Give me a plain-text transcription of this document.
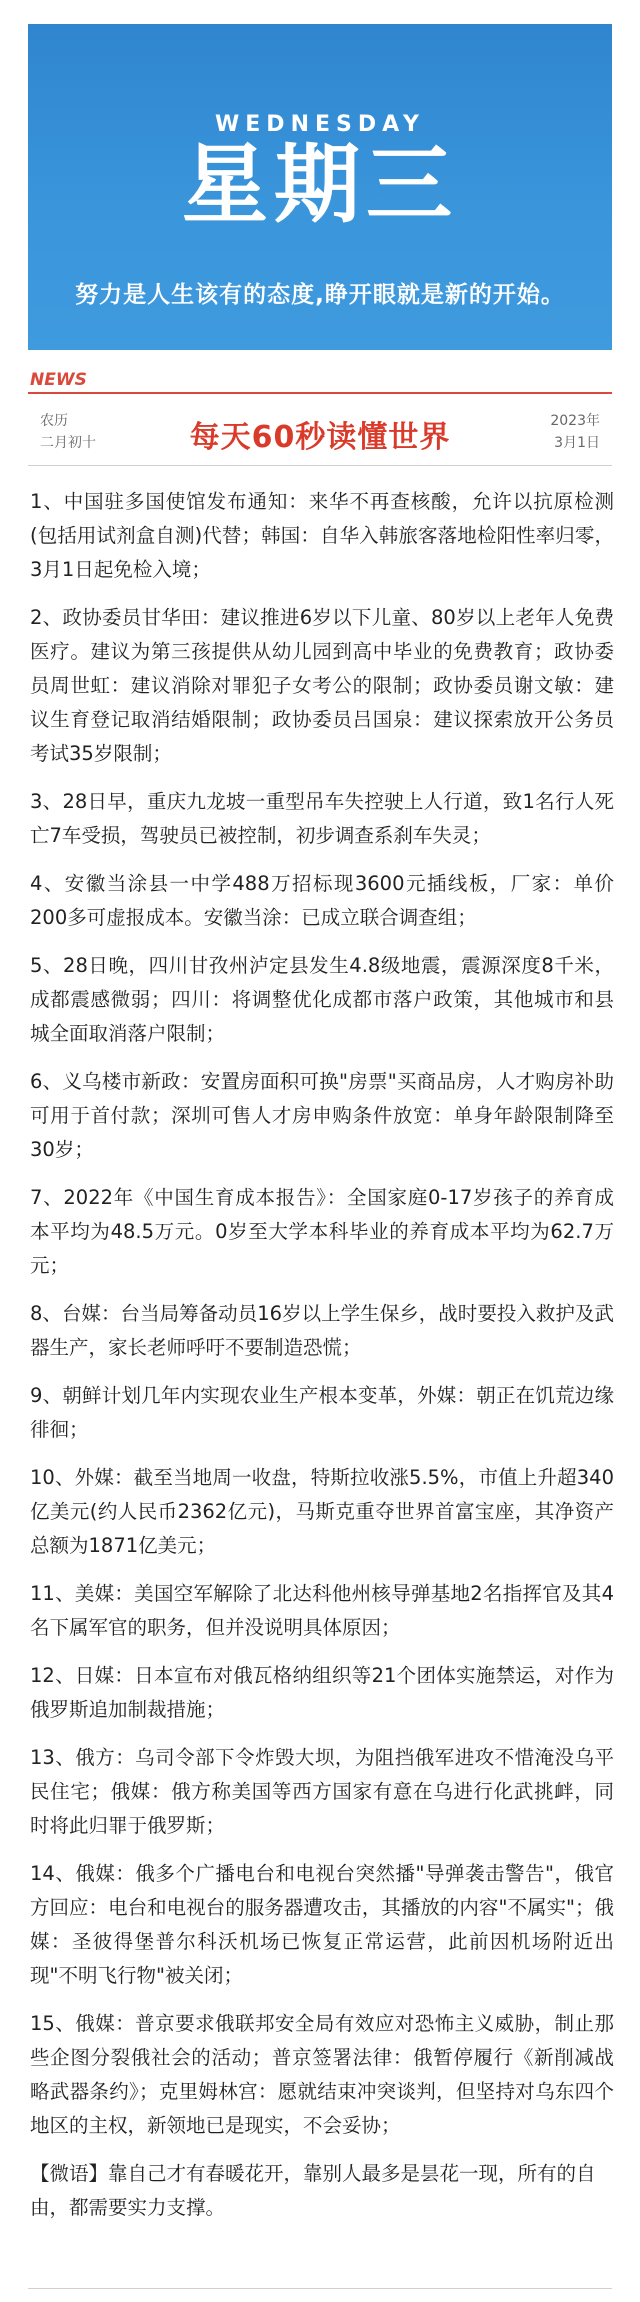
WEDNESDAY
星期三
努力是人生该有的态度,睁开眼就是新的开始。
NEWS
农历
二月初十	每天60秒读懂世界	2023年
3月1日

1、中国驻多国使馆发布通知：来华不再查核酸，允许以抗原检测(包括用试剂盒自测)代替；韩国：自华入韩旅客落地检阳性率归零，3月1日起免检入境；

2、政协委员甘华田：建议推进6岁以下儿童、80岁以上老年人免费医疗。建议为第三孩提供从幼儿园到高中毕业的免费教育；政协委员周世虹：建议消除对罪犯子女考公的限制；政协委员谢文敏：建议生育登记取消结婚限制；政协委员吕国泉：建议探索放开公务员考试35岁限制；

3、28日早，重庆九龙坡一重型吊车失控驶上人行道，致1名行人死亡7车受损，驾驶员已被控制，初步调查系刹车失灵；

4、安徽当涂县一中学488万招标现3600元插线板，厂家：单价200多可虚报成本。安徽当涂：已成立联合调查组；

5、28日晚，四川甘孜州泸定县发生4.8级地震，震源深度8千米，成都震感微弱；四川：将调整优化成都市落户政策，其他城市和县城全面取消落户限制；

6、义乌楼市新政：安置房面积可换"房票"买商品房，人才购房补助可用于首付款；深圳可售人才房申购条件放宽：单身年龄限制降至30岁；

7、2022年《中国生育成本报告》：全国家庭0-17岁孩子的养育成本平均为48.5万元。0岁至大学本科毕业的养育成本平均为62.7万元；

8、台媒：台当局筹备动员16岁以上学生保乡，战时要投入救护及武器生产，家长老师呼吁不要制造恐慌；

9、朝鲜计划几年内实现农业生产根本变革，外媒：朝正在饥荒边缘徘徊；

10、外媒：截至当地周一收盘，特斯拉收涨5.5%，市值上升超340亿美元(约人民币2362亿元)，马斯克重夺世界首富宝座，其净资产总额为1871亿美元；

11、美媒：美国空军解除了北达科他州核导弹基地2名指挥官及其4名下属军官的职务，但并没说明具体原因；

12、日媒：日本宣布对俄瓦格纳组织等21个团体实施禁运，对作为俄罗斯追加制裁措施；

13、俄方：乌司令部下令炸毁大坝，为阻挡俄军进攻不惜淹没乌平民住宅；俄媒：俄方称美国等西方国家有意在乌进行化武挑衅，同时将此归罪于俄罗斯；

14、俄媒：俄多个广播电台和电视台突然播"导弹袭击警告"，俄官方回应：电台和电视台的服务器遭攻击，其播放的内容"不属实"；俄媒：圣彼得堡普尔科沃机场已恢复正常运营，此前因机场附近出现"不明飞行物"被关闭；

15、俄媒：普京要求俄联邦安全局有效应对恐怖主义威胁，制止那些企图分裂俄社会的活动；普京签署法律：俄暂停履行《新削减战略武器条约》；克里姆林宫：愿就结束冲突谈判，但坚持对乌东四个地区的主权，新领地已是现实，不会妥协；

【微语】靠自己才有春暖花开，靠别人最多是昙花一现，所有的自由，都需要实力支撑。
